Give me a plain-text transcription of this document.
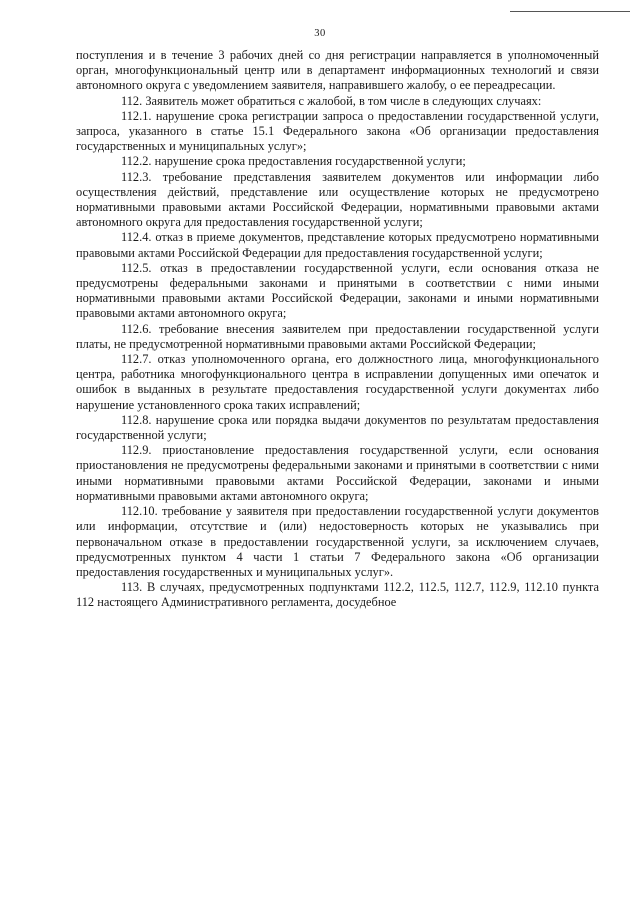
30

поступления и в течение 3 рабочих дней со дня регистрации направляется в уполномоченный орган, многофункциональный центр или в департамент информационных технологий и связи автономного округа с уведомлением заявителя, направившего жалобу, о ее переадресации.

112. Заявитель может обратиться с жалобой, в том числе в следующих случаях:

112.1. нарушение срока регистрации запроса о предоставлении государственной услуги, запроса, указанного в статье 15.1 Федерального закона «Об организации предоставления государственных и муниципальных услуг»;

112.2. нарушение срока предоставления государственной услуги;

112.3. требование представления заявителем документов или информации либо осуществления действий, представление или осуществление которых не предусмотрено нормативными правовыми актами Российской Федерации, нормативными правовыми актами автономного округа для предоставления государственной услуги;

112.4. отказ в приеме документов, представление которых предусмотрено нормативными правовыми актами Российской Федерации для предоставления государственной услуги;

112.5. отказ в предоставлении государственной услуги, если основания отказа не предусмотрены федеральными законами и принятыми в соответствии с ними иными нормативными правовыми актами Российской Федерации, законами и иными нормативными правовыми актами автономного округа;

112.6. требование внесения заявителем при предоставлении государственной услуги платы, не предусмотренной нормативными правовыми актами Российской Федерации;

112.7. отказ уполномоченного органа, его должностного лица, многофункционального центра, работника многофункционального центра в исправлении допущенных ими опечаток и ошибок в выданных в результате предоставления государственной услуги документах либо нарушение установленного срока таких исправлений;

112.8. нарушение срока или порядка выдачи документов по результатам предоставления государственной услуги;

112.9. приостановление предоставления государственной услуги, если основания приостановления не предусмотрены федеральными законами и принятыми в соответствии с ними иными нормативными правовыми актами Российской Федерации, законами и иными нормативными правовыми актами автономного округа;

112.10. требование у заявителя при предоставлении государственной услуги документов или информации, отсутствие и (или) недостоверность которых не указывались при первоначальном отказе в предоставлении государственной услуги, за исключением случаев, предусмотренных пунктом 4 части 1 статьи 7 Федерального закона «Об организации предоставления государственных и муниципальных услуг».

113. В случаях, предусмотренных подпунктами 112.2, 112.5, 112.7, 112.9, 112.10 пункта 112 настоящего Административного регламента, досудебное
